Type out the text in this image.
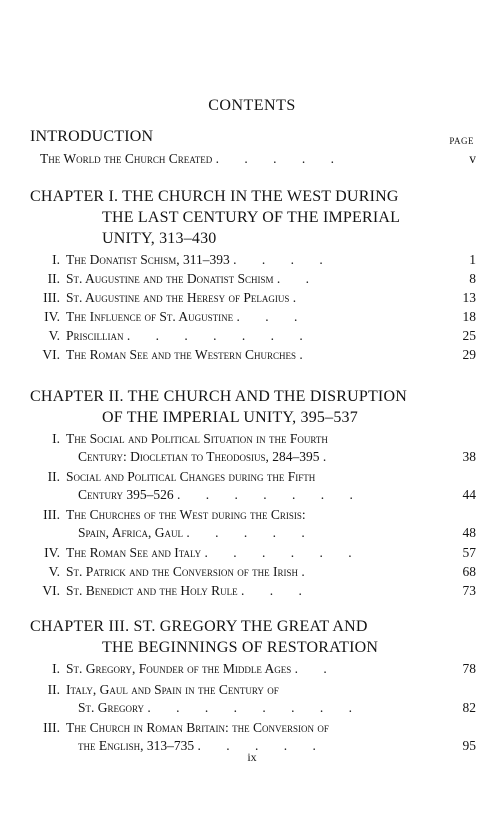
CONTENTS
INTRODUCTION	PAGE
The World the Church Created . . . . .	v
CHAPTER I. THE CHURCH IN THE WEST DURING
THE LAST CENTURY OF THE IMPERIAL
UNITY, 313–430
I. The Donatist Schism, 311–393 . . . .	1
II. St. Augustine and the Donatist Schism . .	8
III. St. Augustine and the Heresy of Pelagius .	13
IV. The Influence of St. Augustine . . .	18
V. Priscillian . . . . . . .	25
VI. The Roman See and the Western Churches .	29
CHAPTER II. THE CHURCH AND THE DISRUPTION
OF THE IMPERIAL UNITY, 395–537
I. The Social and Political Situation in the Fourth
Century: Diocletian to Theodosius, 284–395 .	38
II. Social and Political Changes during the Fifth
Century 395–526 . . . . . . .	44
III. The Churches of the West during the Crisis:
Spain, Africa, Gaul . . . . .	48
IV. The Roman See and Italy . . . . . .	57
V. St. Patrick and the Conversion of the Irish .	68
VI. St. Benedict and the Holy Rule . . .	73
CHAPTER III. ST. GREGORY THE GREAT AND
THE BEGINNINGS OF RESTORATION
I. St. Gregory, Founder of the Middle Ages . .	78
II. Italy, Gaul and Spain in the Century of
St. Gregory . . . . . . . .	82
III. The Church in Roman Britain: the Conversion of
the English, 313–735 . . . . .	95
ix
